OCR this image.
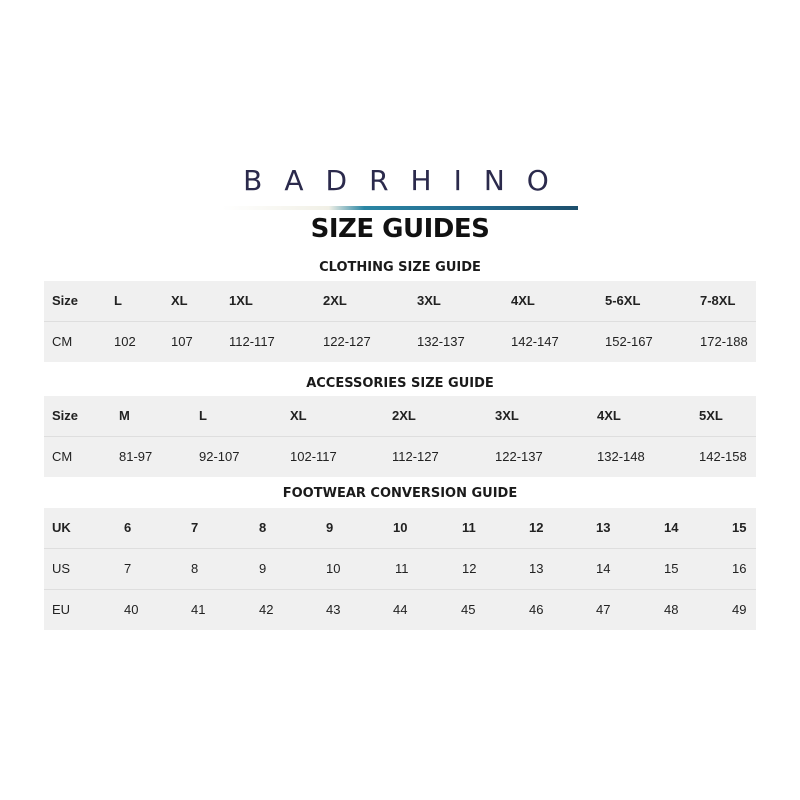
BADRHINO
SIZE GUIDES
CLOTHING SIZE GUIDE
Size	L	XL	1XL	2XL	3XL	4XL	5-6XL	7-8XL
CM	102	107	112-117	122-127	132-137	142-147	152-167	172-188
ACCESSORIES SIZE GUIDE
Size	M	L	XL	2XL	3XL	4XL	5XL
CM	81-97	92-107	102-117	112-127	122-137	132-148	142-158
FOOTWEAR CONVERSION GUIDE
UK	6	7	8	9	10	11	12	13	14	15
US	7	8	9	10	11	12	13	14	15	16
EU	40	41	42	43	44	45	46	47	48	49
